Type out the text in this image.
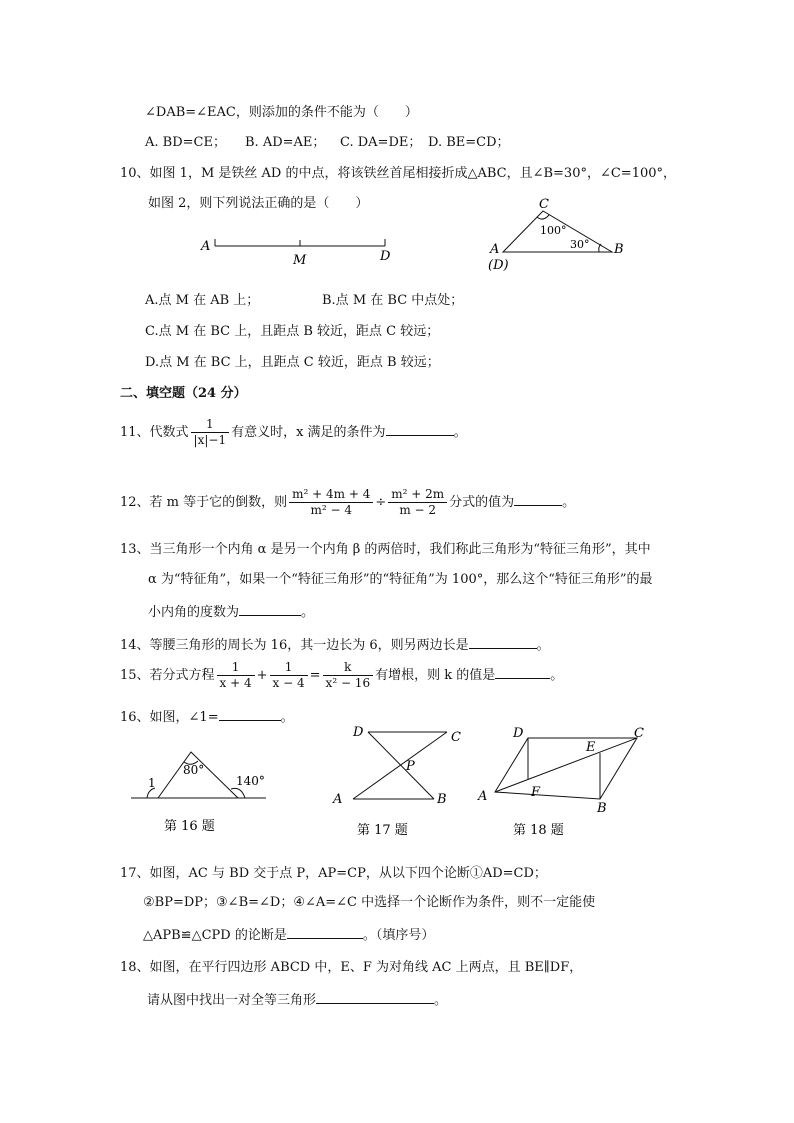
∠DAB=∠EAC，则添加的条件不能为（　　）
A. BD=CE； B. AD=AE； C. DA=DE； D. BE=CD；
10、如图 1，M 是铁丝 AD 的中点，将该铁丝首尾相接折成△ABC，且∠B=30°，∠C=100°，
如图 2，则下列说法正确的是（　　）
A
M	D
C
A
(D)
B
100°
30°
A.点 M 在 AB 上；	B.点 M 在 BC 中点处；
C.点 M 在 BC 上，且距点 B 较近，距点 C 较远；
D.点 M 在 BC 上，且距点 C 较近，距点 B 较远；
二、填空题（24 分）
11、代数式 $\frac{1}{|x|-1}$ 有意义时，x 满足的条件为	。
12、若 m 等于它的倒数，则 $\frac{\text{m² + 4m + 4}}{\text{m² − 4}} \div \frac{\text{m² + 2m}}{m - 2}$ 分式的值为	。
13、当三角形一个内角 α 是另一个内角 β 的两倍时，我们称此三角形为“特征三角形”，其中
α 为“特征角”，如果一个“特征三角形”的“特征角”为 100°，那么这个“特征三角形”的最
小内角的度数为	。
14、等腰三角形的周长为 16，其一边长为 6，则另两边长是	。
15、若分式方程 $\frac{1}{x + 4} + \frac{1}{x - 4} = \frac{k}{\text{x² − 16}}$ 有增根，则 k 的值是	。
16、如图，∠1=	。
1
80°
140°
第 16 题
D	C
P
A	B
第 17 题
D	C
E
F
A
B
第 18 题
17、如图，AC 与 BD 交于点 P，AP=CP，从以下四个论断①AD=CD；
②BP=DP；③∠B=∠D；④∠A=∠C 中选择一个论断作为条件，则不一定能使
△APB≌△CPD 的论断是	。（填序号）
18、如图，在平行四边形 ABCD 中，E、F 为对角线 AC 上两点，且 BE∥DF，
请从图中找出一对全等三角形	。
